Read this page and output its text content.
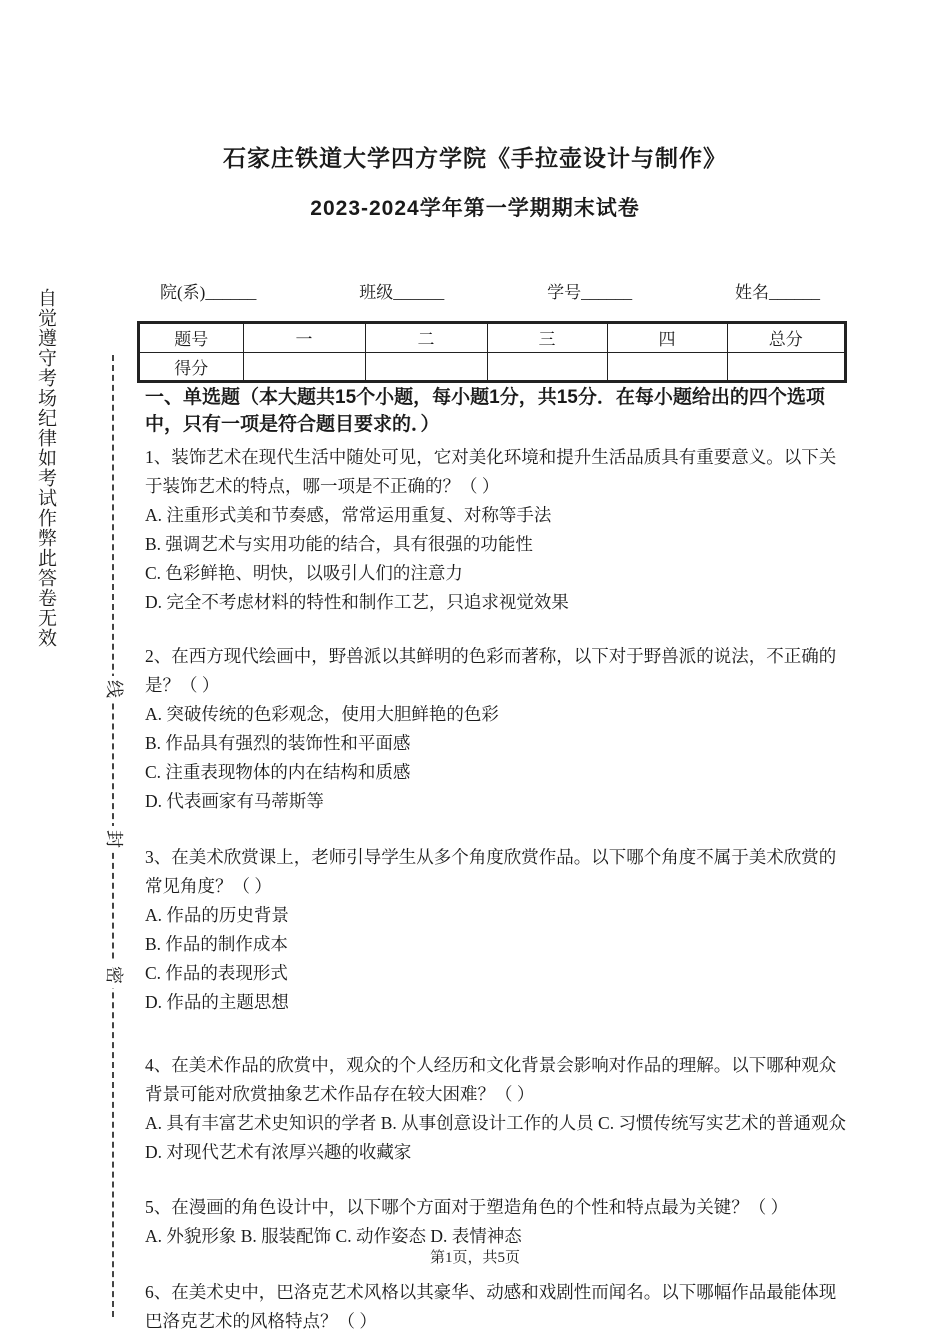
石家庄铁道大学四方学院《手拉壶设计与制作》
2023-2024学年第一学期期末试卷
自觉遵守考场纪律如考试作弊此答卷无效
线
封
密
院(系)______	班级______	学号______	姓名______
题号	一	二	三	四	总分
得分					
一、单选题（本大题共15个小题，每小题1分，共15分．在每小题给出的四个选项中，只有一项是符合题目要求的．）
1、装饰艺术在现代生活中随处可见，它对美化环境和提升生活品质具有重要意义。以下关于装饰艺术的特点，哪一项是不正确的？（ ）
A. 注重形式美和节奏感，常常运用重复、对称等手法
B. 强调艺术与实用功能的结合，具有很强的功能性
C. 色彩鲜艳、明快，以吸引人们的注意力
D. 完全不考虑材料的特性和制作工艺，只追求视觉效果
2、在西方现代绘画中，野兽派以其鲜明的色彩而著称，以下对于野兽派的说法，不正确的是？（ ）
A. 突破传统的色彩观念，使用大胆鲜艳的色彩
B. 作品具有强烈的装饰性和平面感
C. 注重表现物体的内在结构和质感
D. 代表画家有马蒂斯等
3、在美术欣赏课上，老师引导学生从多个角度欣赏作品。以下哪个角度不属于美术欣赏的常见角度？（ ）
A. 作品的历史背景
B. 作品的制作成本
C. 作品的表现形式
D. 作品的主题思想
4、在美术作品的欣赏中，观众的个人经历和文化背景会影响对作品的理解。以下哪种观众背景可能对欣赏抽象艺术作品存在较大困难？（ ）
A. 具有丰富艺术史知识的学者 B. 从事创意设计工作的人员 C. 习惯传统写实艺术的普通观众 D. 对现代艺术有浓厚兴趣的收藏家
5、在漫画的角色设计中，以下哪个方面对于塑造角色的个性和特点最为关键？（ ）
A. 外貌形象 B. 服装配饰 C. 动作姿态 D. 表情神态
6、在美术史中，巴洛克艺术风格以其豪华、动感和戏剧性而闻名。以下哪幅作品最能体现巴洛克艺术的风格特点？（ ）
第1页，共5页
